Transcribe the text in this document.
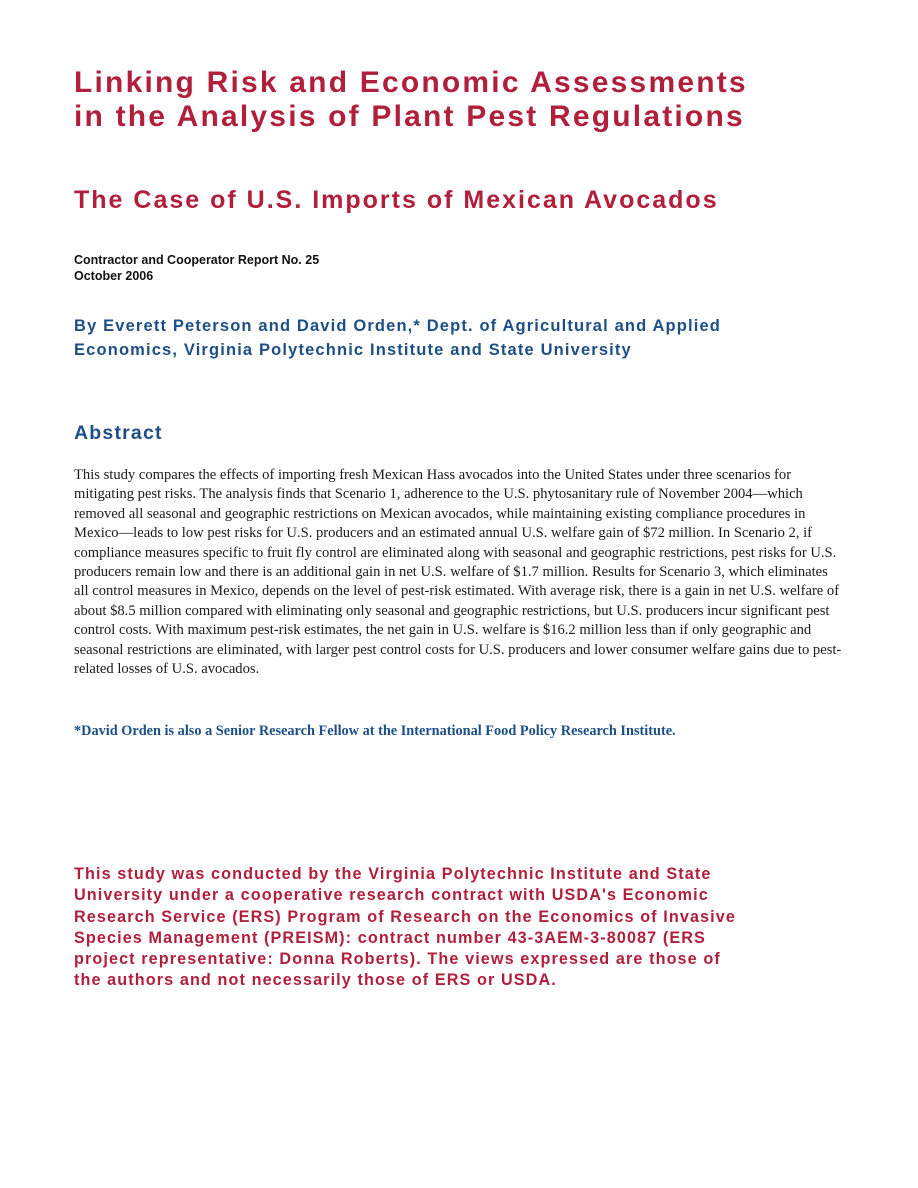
Linking Risk and Economic Assessments
in the Analysis of Plant Pest Regulations
The Case of U.S. Imports of Mexican Avocados
Contractor and Cooperator Report No. 25
October 2006

By Everett Peterson and David Orden,* Dept. of Agricultural and Applied
Economics, Virginia Polytechnic Institute and State University

Abstract

This study compares the effects of importing fresh Mexican Hass avocados into the United States under three scenarios for mitigating pest risks. The analysis finds that Scenario 1, adherence to the U.S. phytosanitary rule of November 2004—which removed all seasonal and geographic restrictions on Mexican avocados, while maintaining existing compliance procedures in Mexico—leads to low pest risks for U.S. producers and an estimated annual U.S. welfare gain of $72 million. In Scenario 2, if compliance measures specific to fruit fly control are eliminated along with seasonal and geographic restrictions, pest risks for U.S. producers remain low and there is an additional gain in net U.S. welfare of $1.7 million. Results for Scenario 3, which eliminates all control measures in Mexico, depends on the level of pest-risk estimated. With average risk, there is a gain in net U.S. welfare of about $8.5 million compared with eliminating only seasonal and geographic restrictions, but U.S. producers incur significant pest control costs. With maximum pest-risk estimates, the net gain in U.S. welfare is $16.2 million less than if only geographic and seasonal restrictions are eliminated, with larger pest control costs for U.S. producers and lower consumer welfare gains due to pest-related losses of U.S. avocados.

*David Orden is also a Senior Research Fellow at the International Food Policy Research Institute.

This study was conducted by the Virginia Polytechnic Institute and State
University under a cooperative research contract with USDA's Economic
Research Service (ERS) Program of Research on the Economics of Invasive
Species Management (PREISM): contract number 43-3AEM-3-80087 (ERS
project representative: Donna Roberts). The views expressed are those of
the authors and not necessarily those of ERS or USDA.
